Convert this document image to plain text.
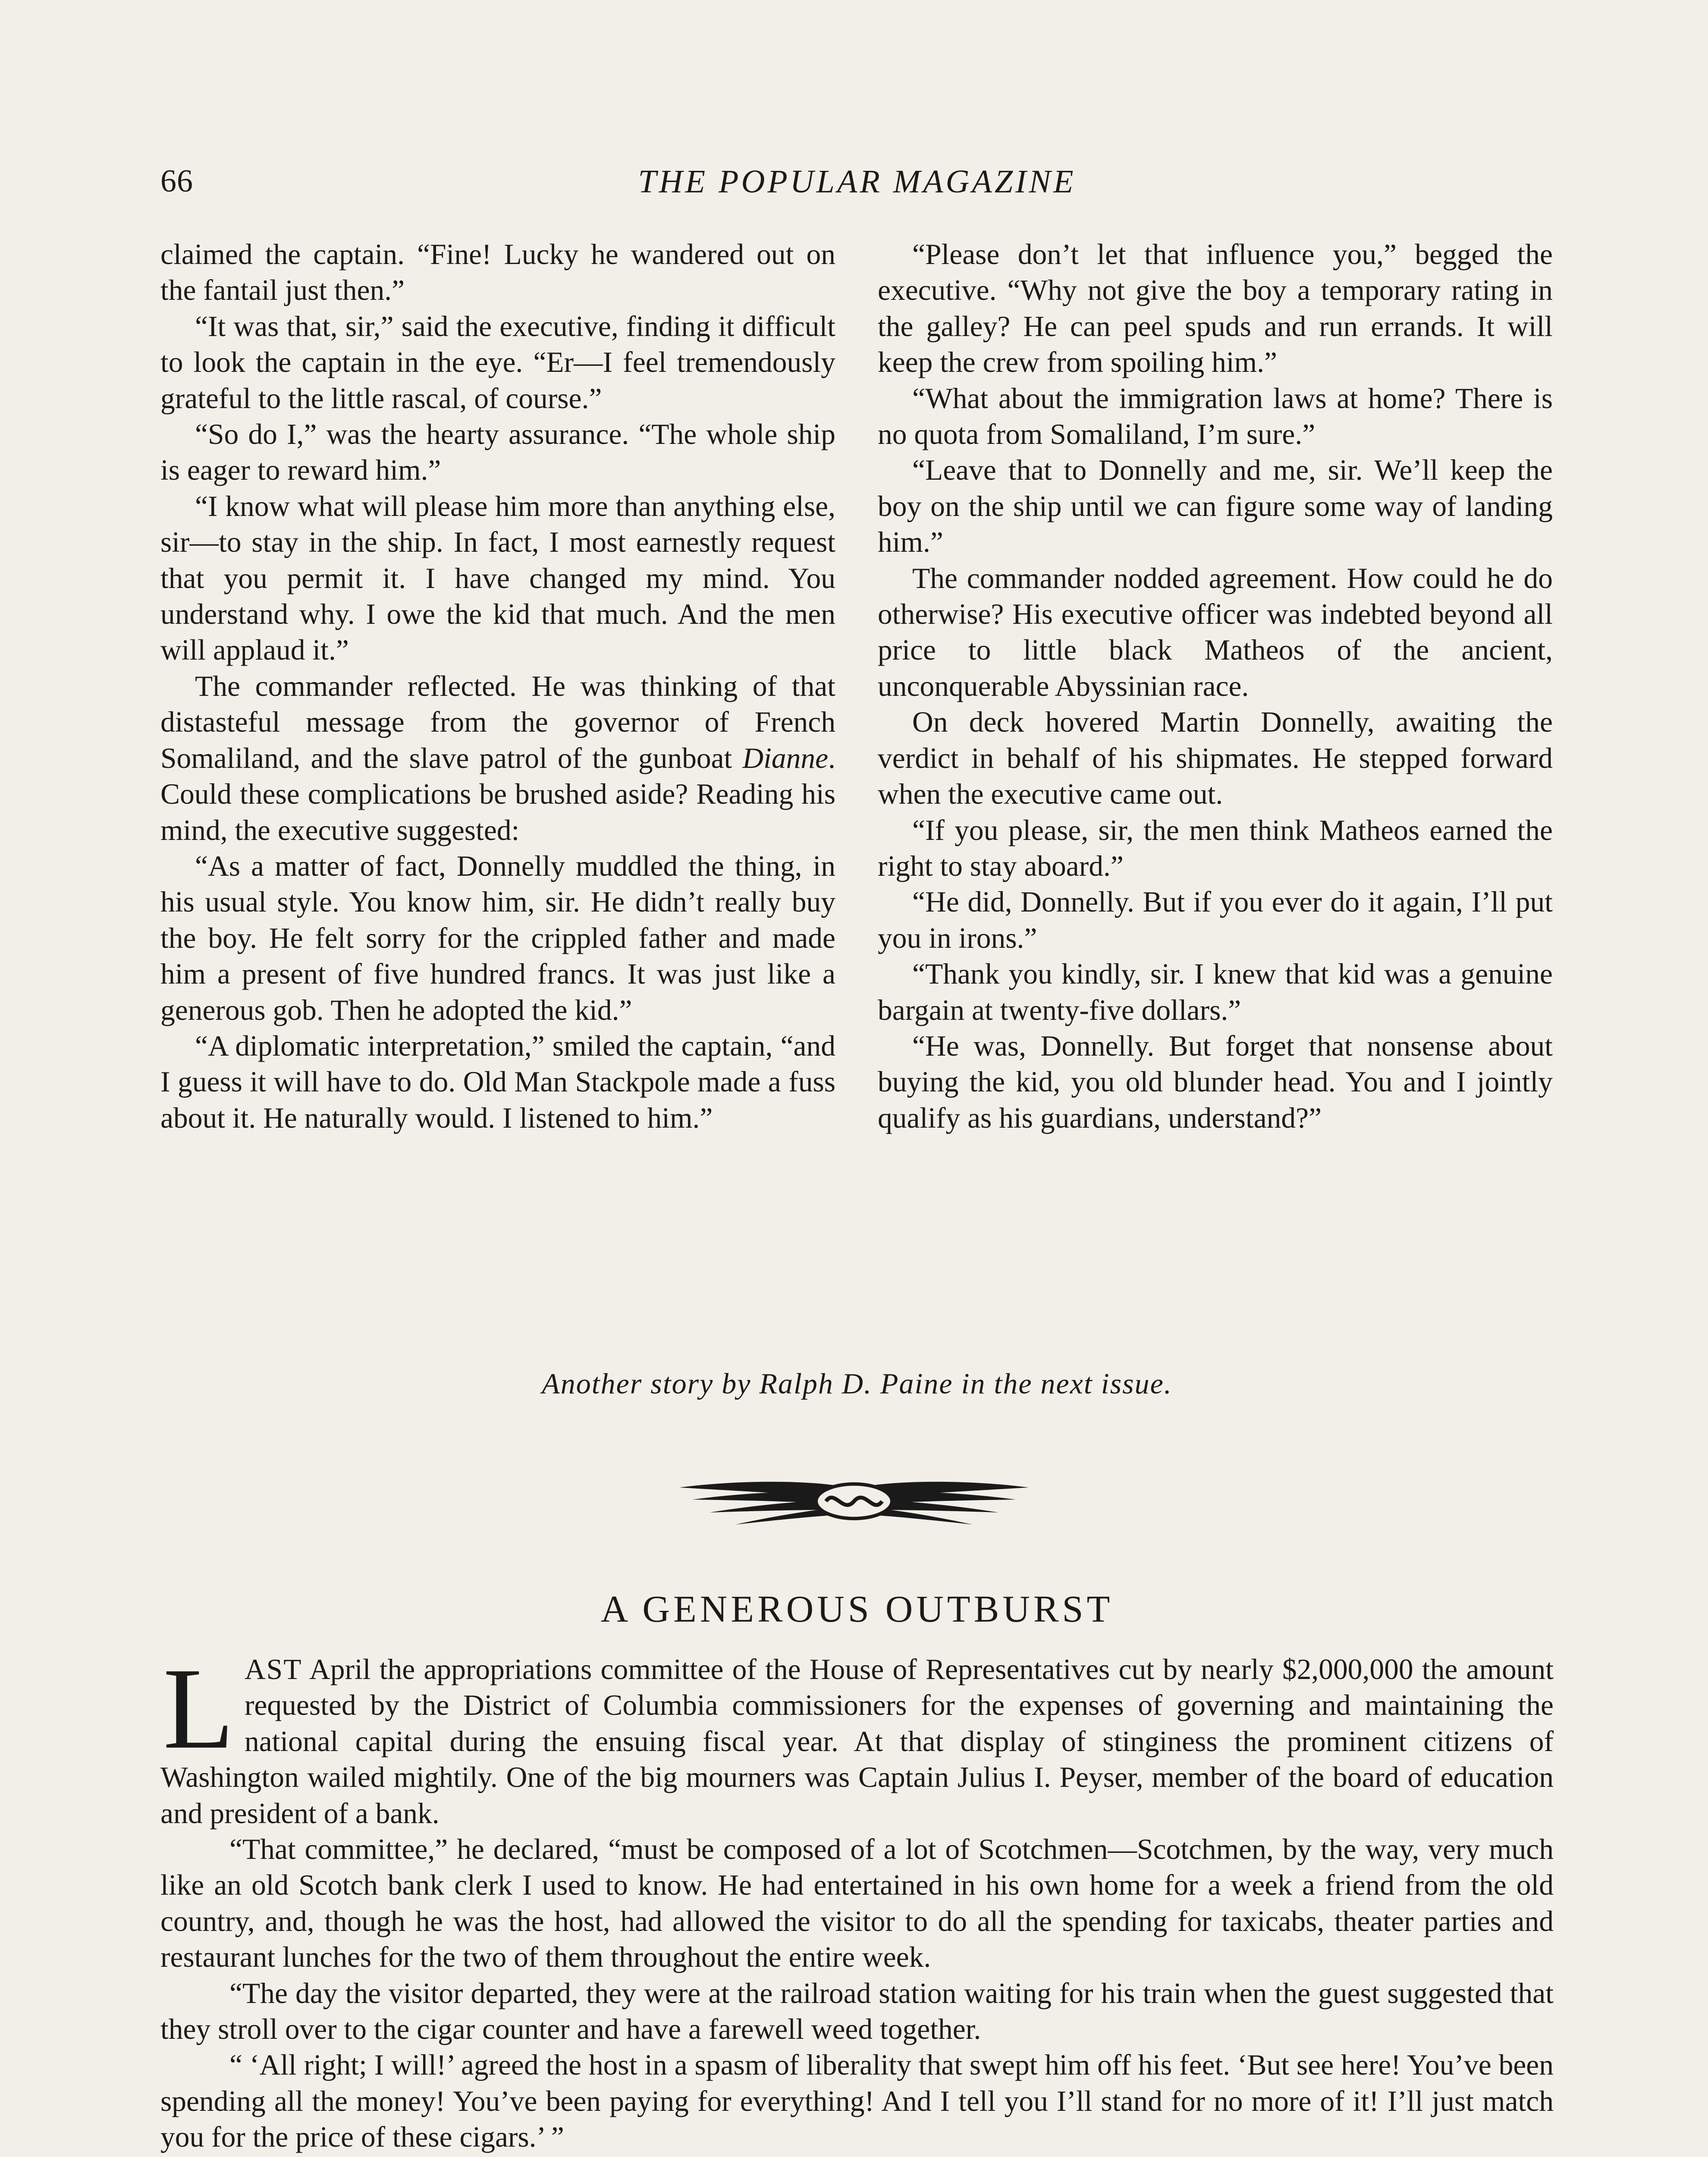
66	THE POPULAR MAGAZINE

claimed the captain. “Fine! Lucky he wandered out on the fantail just then.”

“It was that, sir,” said the executive, finding it difficult to look the captain in the eye. “Er—I feel tremendously grateful to the little rascal, of course.”

“So do I,” was the hearty assurance. “The whole ship is eager to reward him.”

“I know what will please him more than anything else, sir—to stay in the ship. In fact, I most earnestly request that you permit it. I have changed my mind. You understand why. I owe the kid that much. And the men will applaud it.”

The commander reflected. He was thinking of that distasteful message from the governor of French Somaliland, and the slave patrol of the gunboat Dianne. Could these complications be brushed aside? Reading his mind, the executive suggested:

“As a matter of fact, Donnelly muddled the thing, in his usual style. You know him, sir. He didn’t really buy the boy. He felt sorry for the crippled father and made him a present of five hundred francs. It was just like a generous gob. Then he adopted the kid.”

“A diplomatic interpretation,” smiled the captain, “and I guess it will have to do. Old Man Stackpole made a fuss about it. He naturally would. I listened to him.”

“Please don’t let that influence you,” begged the executive. “Why not give the boy a temporary rating in the galley? He can peel spuds and run errands. It will keep the crew from spoiling him.”

“What about the immigration laws at home? There is no quota from Somaliland, I’m sure.”

“Leave that to Donnelly and me, sir. We’ll keep the boy on the ship until we can figure some way of landing him.”

The commander nodded agreement. How could he do otherwise? His executive officer was indebted beyond all price to little black Matheos of the ancient, unconquerable Abyssinian race.

On deck hovered Martin Donnelly, awaiting the verdict in behalf of his shipmates. He stepped forward when the executive came out.

“If you please, sir, the men think Matheos earned the right to stay aboard.”

“He did, Donnelly. But if you ever do it again, I’ll put you in irons.”

“Thank you kindly, sir. I knew that kid was a genuine bargain at twenty-five dollars.”

“He was, Donnelly. But forget that nonsense about buying the kid, you old blunder head. You and I jointly qualify as his guardians, understand?”

Another story by Ralph D. Paine in the next issue.
A GENEROUS OUTBURST

LAST April the appropriations committee of the House of Representatives cut by nearly $2,000,000 the amount requested by the District of Columbia commissioners for the expenses of governing and maintaining the national capital during the ensuing fiscal year. At that display of stinginess the prominent citizens of Washington wailed mightily. One of the big mourners was Captain Julius I. Peyser, member of the board of education and president of a bank.

“That committee,” he declared, “must be composed of a lot of Scotchmen—Scotchmen, by the way, very much like an old Scotch bank clerk I used to know. He had entertained in his own home for a week a friend from the old country, and, though he was the host, had allowed the visitor to do all the spending for taxicabs, theater parties and restaurant lunches for the two of them throughout the entire week.

“The day the visitor departed, they were at the railroad station waiting for his train when the guest suggested that they stroll over to the cigar counter and have a farewell weed together.

“ ‘All right; I will!’ agreed the host in a spasm of liberality that swept him off his feet. ‘But see here! You’ve been spending all the money! You’ve been paying for everything! And I tell you I’ll stand for no more of it! I’ll just match you for the price of these cigars.’ ”
